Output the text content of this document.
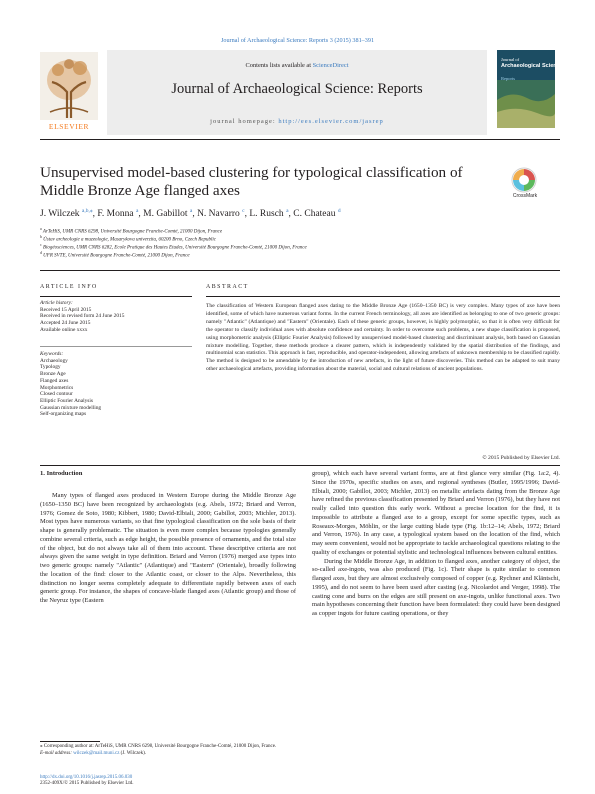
Journal of Archaeological Science: Reports 3 (2015) 381–391
Contents lists available at ScienceDirect
Journal of Archaeological Science: Reports
journal homepage: http://ees.elsevier.com/jasrep
ELSEVIER
Journal of
Archaeological Science
Reports
Unsupervised model-based clustering for typological classification of Middle Bronze Age flanged axes	CrossMark
J. Wilczek $^{a,b,⁎}$, F. Monna $^a$, M. Gabillot $^a$, N. Navarro $^c$, L. Rusch $^a$, C. Chateau $^d$
$^a$ ArTeHiS, UMR CNRS 6298, Université Bourgogne Franche-Comté, 21000 Dijon, France
$^b$ Ústav archeologie a muzeologie, Masarykova univerzita, 60200 Brno, Czech Republic
$^c$ Biogéosciences, UMR CNRS 6282, Ecole Pratique des Hautes Etudes, Université Bourgogne Franche-Comté, 21000 Dijon, France
$^d$ UFR SVTE, Université Bourgogne Franche-Comté, 21000 Dijon, France
ARTICLE INFO
Article history:
Received 15 April 2015
Received in revised form 24 June 2015
Accepted 24 June 2015
Available online xxxx
Keywords:
Archaeology
Typology
Bronze Age
Flanged axes
Morphometrics
Closed contour
Elliptic Fourier Analysis
Gaussian mixture modelling
Self-organizing maps
ABSTRACT
The classification of Western European flanged axes dating to the Middle Bronze Age (1650–1350 BC) is very complex. Many types of axe have been identified, some of which have numerous variant forms. In the current French terminology, all axes are identified as belonging to one of two generic groups: namely "Atlantic" (Atlantique) and "Eastern" (Orientale). Each of these generic groups, however, is highly polymorphic, so that it is often very difficult for the operator to classify individual axes with absolute confidence and certainty. In order to overcome such problems, a new shape classification is proposed, using morphometric analysis (Elliptic Fourier Analysis) followed by unsupervised model-based clustering and discriminant analysis, both based on Gaussian mixture modelling. Together, these methods produce a clearer pattern, which is independently validated by the spatial distribution of the findings, and multinomial scan statistics. This approach is fast, reproducible, and operator-independent, allowing artefacts of unknown membership to be classified rapidly. The method is designed to be amendable by the introduction of new artefacts, in the light of future discoveries. This method can be adapted to suit many other archaeological artefacts, providing information about the material, social and cultural relations of ancient populations.
© 2015 Published by Elsevier Ltd.
1. Introduction

Many types of flanged axes produced in Western Europe during the Middle Bronze Age (1650–1350 BC) have been recognized by archaeologists (e.g. Abels, 1972; Briard and Verron, 1976; Gomez de Soto, 1980; Kibbert, 1980; David-Elbiali, 2000; Gabillot, 2003; Michler, 2013). Most types have numerous variants, so that fine typological classification on the sole basis of their shape is generally problematic. The situation is even more complex because typologies generally combine several criteria, such as edge height, the possible presence of ornaments, and the total size of the object, but do not always take all of them into account. These descriptive criteria are not always given the same weight in type definition. Briard and Verron (1976) merged axe types into two generic groups: namely "Atlantic" (Atlantique) and "Eastern" (Orientale), broadly following the location of the find: closer to the Atlantic coast, or closer to the Alps. Nevertheless, this distinction no longer seems completely adequate to differentiate rapidly between axes of each generic group. For instance, the shapes of concave-blade flanged axes (Atlantic group) and those of the Neyruz type (Eastern

group), which each have several variant forms, are at first glance very similar (Fig. 1a:2, 4). Since the 1970s, specific studies on axes, and regional syntheses (Butler, 1995/1996; David-Elbiali, 2000; Gabillot, 2003; Michler, 2013) on metallic artefacts dating from the Bronze Age have refined the previous classification presented by Briard and Verron (1976), but they have not really called into question this early work. Without a precise location for the find, it is impossible to attribute a flanged axe to a group, except for some specific types, such as Roseaux-Morges, Möhlin, or the large cutting blade type (Fig. 1b:12–14; Abels, 1972; Briard and Verron, 1976). In any case, a typological system based on the location of the find, which may seem convenient, would not be appropriate to tackle archaeological questions relating to the quality of exchanges or potential stylistic and technological influences between cultural entities.

During the Middle Bronze Age, in addition to flanged axes, another category of object, the so-called axe-ingots, was also produced (Fig. 1c). Their shape is quite similar to common flanged axes, but they are almost exclusively composed of copper (e.g. Rychner and Kläntschi, 1995), and do not seem to have been used after casting (e.g. Nicolardot and Verger, 1998). The casting cone and burrs on the edges are still present on axe-ingots, unlike functional axes. Two main hypotheses concerning their function have been formulated: they could have been designed as copper ingots for future casting operations, or they

⁎ Corresponding author at: ArTeHiS, UMR CNRS 6298, Université Bourgogne Franche-Comté, 21000 Dijon, France.
E-mail address: wilczek@mail.muni.cz (J. Wilczek).
http://dx.doi.org/10.1016/j.jasrep.2015.06.030
2352-409X/© 2015 Published by Elsevier Ltd.
